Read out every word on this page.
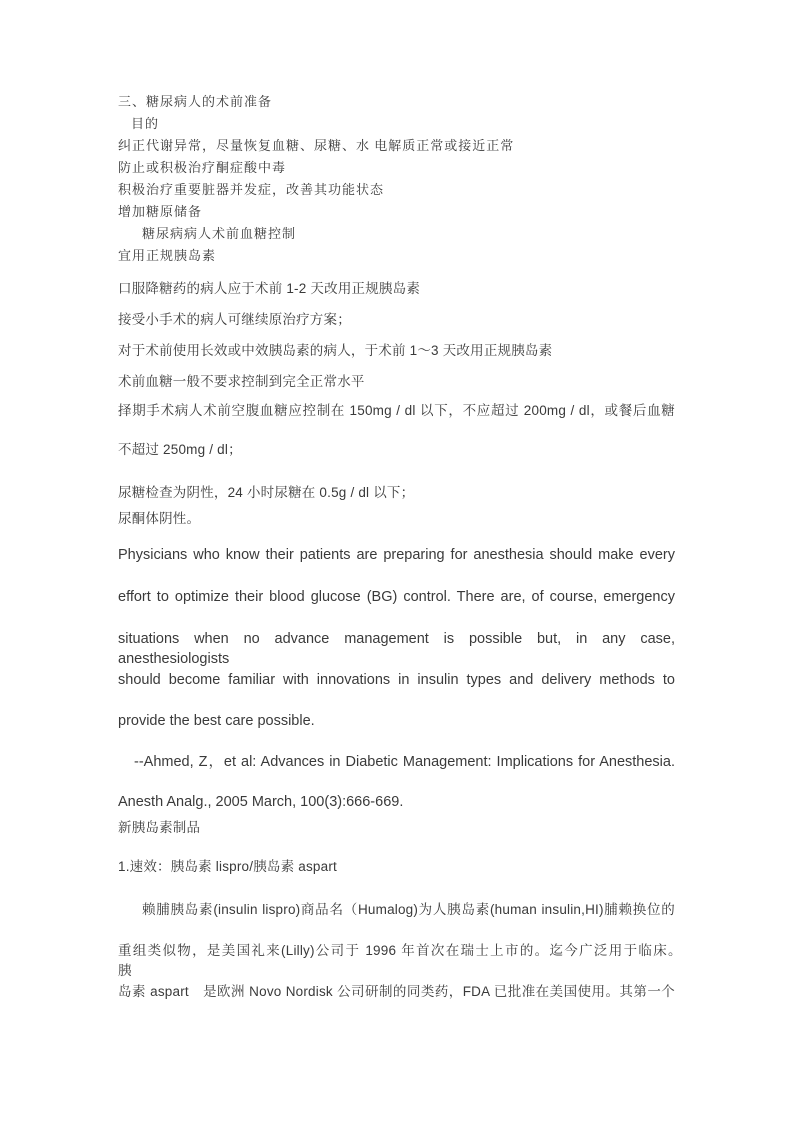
三、糖尿病人的术前准备
目的
纠正代谢异常，尽量恢复血糖、尿糖、水 电解质正常或接近正常
防止或积极治疗酮症酸中毒
积极治疗重要脏器并发症，改善其功能状态
增加糖原储备
糖尿病病人术前血糖控制
宜用正规胰岛素
口服降糖药的病人应于术前 1-2 天改用正规胰岛素
接受小手术的病人可继续原治疗方案；
对于术前使用长效或中效胰岛素的病人，于术前 1～3 天改用正规胰岛素
术前血糖一般不要求控制到完全正常水平
择期手术病人术前空腹血糖应控制在 150mg / dl 以下，不应超过 200mg / dl，或餐后血糖
不超过 250mg / dl；
尿糖检查为阴性，24 小时尿糖在 0.5g / dl 以下；
尿酮体阴性。
Physicians who know their patients are preparing for anesthesia should make every
effort to optimize their blood glucose (BG) control. There are, of course, emergency
situations when no advance management is possible but, in any case, anesthesiologists
should become familiar with innovations in insulin types and delivery methods to
provide the best care possible.
--Ahmed, Z，et al: Advances in Diabetic Management: Implications for Anesthesia.
Anesth Analg., 2005 March, 100(3):666-669.
新胰岛素制品
1.速效：胰岛素 lispro/胰岛素 aspart
赖脯胰岛素(insulin lispro)商品名（Humalog)为人胰岛素(human insulin,HI)脯赖换位的
重组类似物，是美国礼来(Lilly)公司于 1996 年首次在瑞士上市的。迄今广泛用于临床。　　胰
岛素 aspart　是欧洲 Novo Nordisk 公司研制的同类药，FDA 已批准在美国使用。其第一个
